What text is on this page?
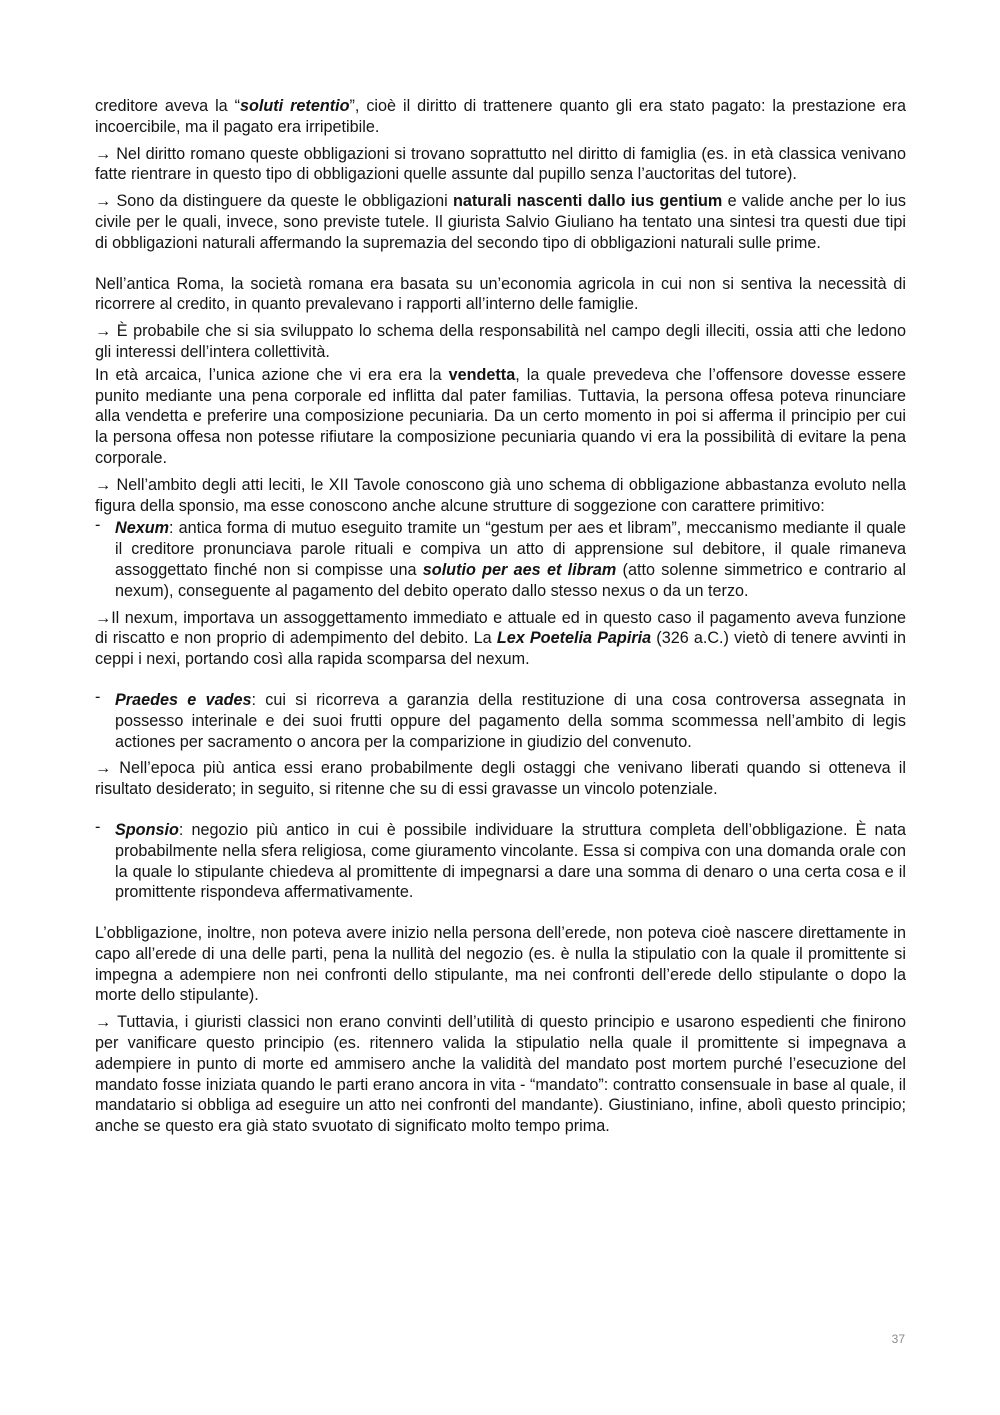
creditore aveva la “soluti retentio”, cioè il diritto di trattenere quanto gli era stato pagato: la prestazione era incoercibile, ma il pagato era irripetibile.

→ Nel diritto romano queste obbligazioni si trovano soprattutto nel diritto di famiglia (es. in età classica venivano fatte rientrare in questo tipo di obbligazioni quelle assunte dal pupillo senza l’auctoritas del tutore).

→ Sono da distinguere da queste le obbligazioni naturali nascenti dallo ius gentium e valide anche per lo ius civile per le quali, invece, sono previste tutele. Il giurista Salvio Giuliano ha tentato una sintesi tra questi due tipi di obbligazioni naturali affermando la supremazia del secondo tipo di obbligazioni naturali sulle prime.

Nell’antica Roma, la società romana era basata su un’economia agricola in cui non si sentiva la necessità di ricorrere al credito, in quanto prevalevano i rapporti all’interno delle famiglie.

→ È probabile che si sia sviluppato lo schema della responsabilità nel campo degli illeciti, ossia atti che ledono gli interessi dell’intera collettività.

In età arcaica, l’unica azione che vi era era la vendetta, la quale prevedeva che l’offensore dovesse essere punito mediante una pena corporale ed inflitta dal pater familias. Tuttavia, la persona offesa poteva rinunciare alla vendetta e preferire una composizione pecuniaria. Da un certo momento in poi si afferma il principio per cui la persona offesa non potesse rifiutare la composizione pecuniaria quando vi era la possibilità di evitare la pena corporale.

→ Nell’ambito degli atti leciti, le XII Tavole conoscono già uno schema di obbligazione abbastanza evoluto nella figura della sponsio, ma esse conoscono anche alcune strutture di soggezione con carattere primitivo:

- Nexum: antica forma di mutuo eseguito tramite un “gestum per aes et libram”, meccanismo mediante il quale il creditore pronunciava parole rituali e compiva un atto di apprensione sul debitore, il quale rimaneva assoggettato finché non si compisse una solutio per aes et libram (atto solenne simmetrico e contrario al nexum), conseguente al pagamento del debito operato dallo stesso nexus o da un terzo.

→Il nexum, importava un assoggettamento immediato e attuale ed in questo caso il pagamento aveva funzione di riscatto e non proprio di adempimento del debito. La Lex Poetelia Papiria (326 a.C.) vietò di tenere avvinti in ceppi i nexi, portando così alla rapida scomparsa del nexum.

- Praedes e vades: cui si ricorreva a garanzia della restituzione di una cosa controversa assegnata in possesso interinale e dei suoi frutti oppure del pagamento della somma scommessa nell’ambito di legis actiones per sacramento o ancora per la comparizione in giudizio del convenuto.

→ Nell’epoca più antica essi erano probabilmente degli ostaggi che venivano liberati quando si otteneva il risultato desiderato; in seguito, si ritenne che su di essi gravasse un vincolo potenziale.

- Sponsio: negozio più antico in cui è possibile individuare la struttura completa dell’obbligazione. È nata probabilmente nella sfera religiosa, come giuramento vincolante. Essa si compiva con una domanda orale con la quale lo stipulante chiedeva al promittente di impegnarsi a dare una somma di denaro o una certa cosa e il promittente rispondeva affermativamente.

L’obbligazione, inoltre, non poteva avere inizio nella persona dell’erede, non poteva cioè nascere direttamente in capo all’erede di una delle parti, pena la nullità del negozio (es. è nulla la stipulatio con la quale il promittente si impegna a adempiere non nei confronti dello stipulante, ma nei confronti dell’erede dello stipulante o dopo la morte dello stipulante).

→ Tuttavia, i giuristi classici non erano convinti dell’utilità di questo principio e usarono espedienti che finirono per vanificare questo principio (es. ritennero valida la stipulatio nella quale il promittente si impegnava a adempiere in punto di morte ed ammisero anche la validità del mandato post mortem purché l’esecuzione del mandato fosse iniziata quando le parti erano ancora in vita - “mandato”: contratto consensuale in base al quale, il mandatario si obbliga ad eseguire un atto nei confronti del mandante). Giustiniano, infine, abolì questo principio; anche se questo era già stato svuotato di significato molto tempo prima.

37
